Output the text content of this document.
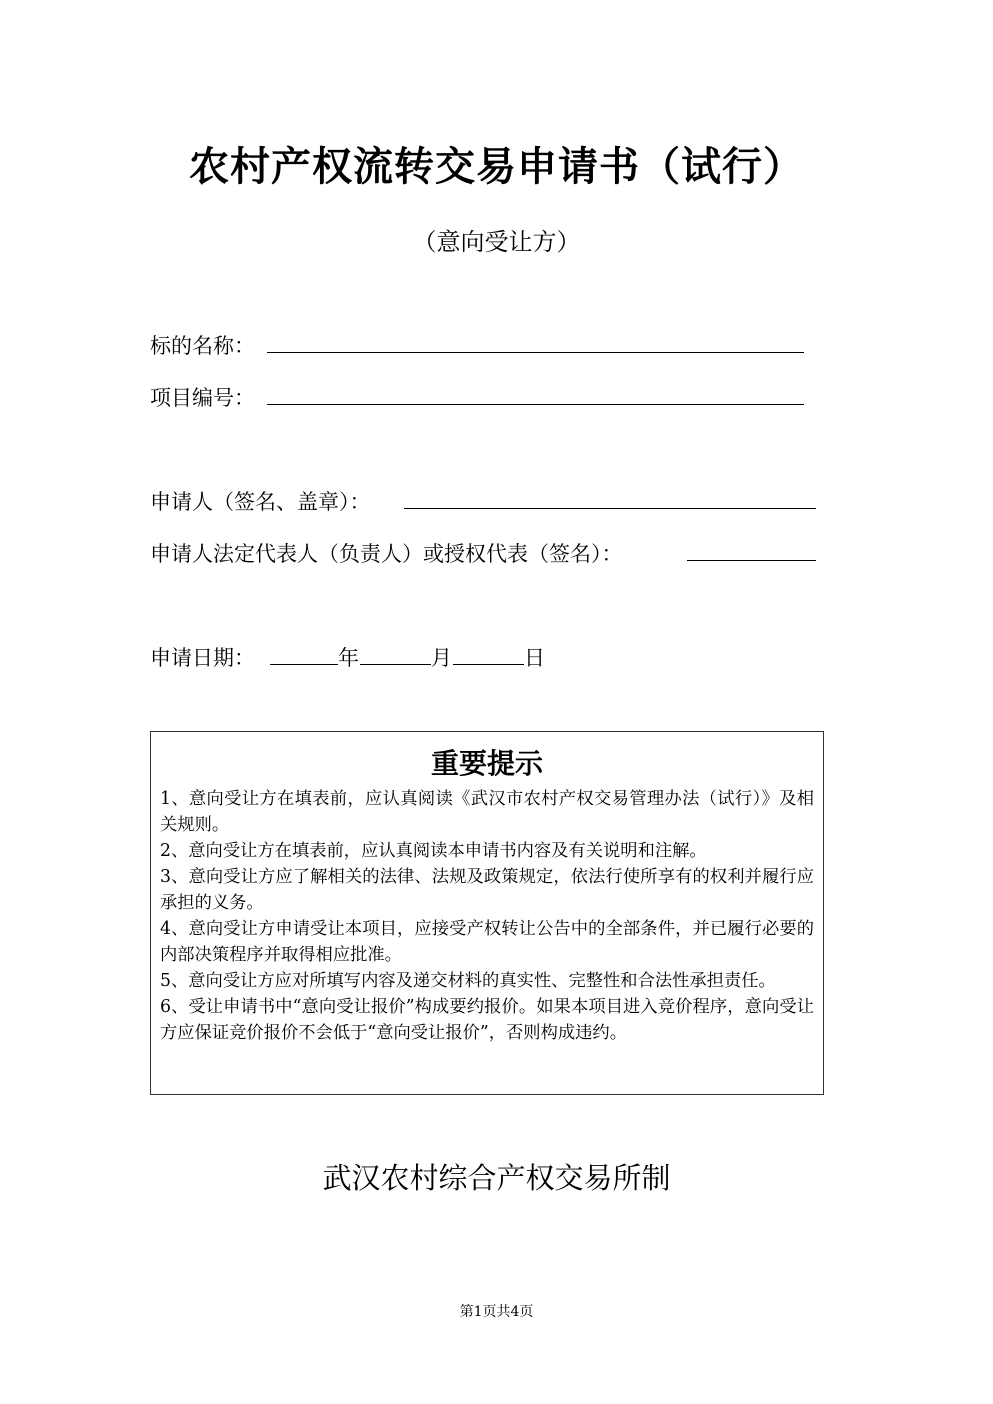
农村产权流转交易申请书（试行）
（意向受让方）
标的名称：
项目编号：
申请人（签名、盖章）：
申请人法定代表人（负责人）或授权代表（签名）：
申请日期：	年	月	日
重要提示
1、意向受让方在填表前，应认真阅读《武汉市农村产权交易管理办法（试行）》及相关规则。
2、意向受让方在填表前，应认真阅读本申请书内容及有关说明和注解。
3、意向受让方应了解相关的法律、法规及政策规定，依法行使所享有的权利并履行应承担的义务。
4、意向受让方申请受让本项目，应接受产权转让公告中的全部条件，并已履行必要的内部决策程序并取得相应批准。
5、意向受让方应对所填写内容及递交材料的真实性、完整性和合法性承担责任。
6、受让申请书中“意向受让报价”构成要约报价。如果本项目进入竞价程序，意向受让方应保证竞价报价不会低于“意向受让报价”，否则构成违约。
武汉农村综合产权交易所制
第1页共4页
